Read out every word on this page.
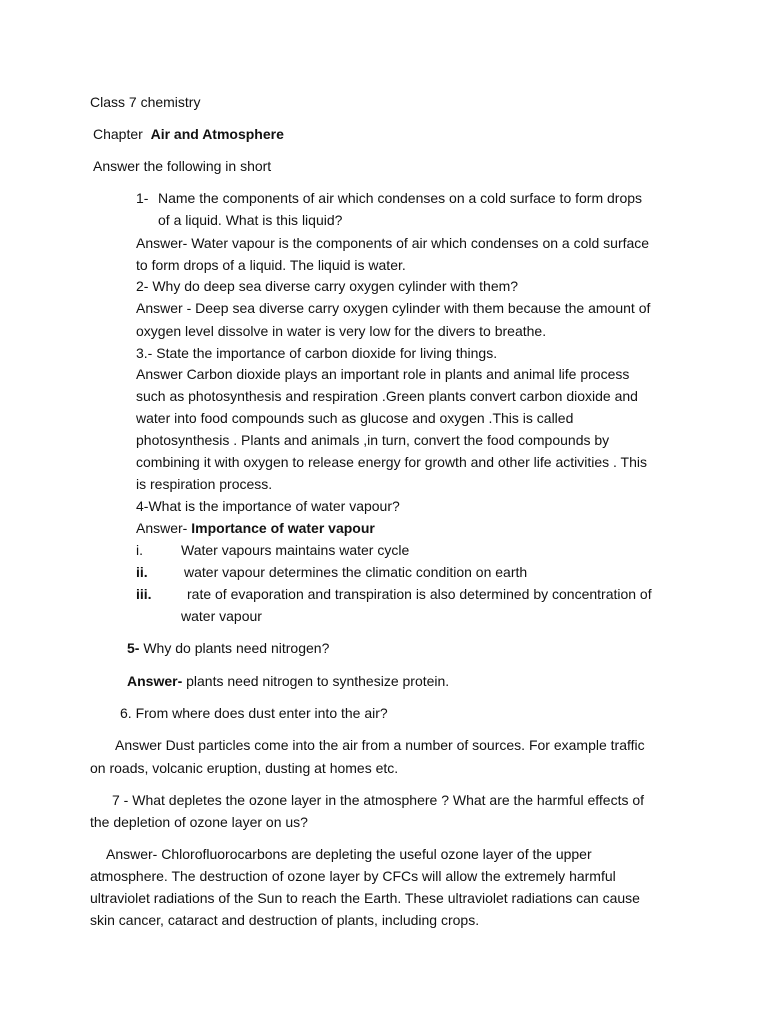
Class 7 chemistry
Chapter Air and Atmosphere
Answer the following in short
1- Name the components of air which condenses on a cold surface to form drops
of a liquid. What is this liquid?
Answer- Water vapour is the components of air which condenses on a cold surface
to form drops of a liquid. The liquid is water.
2- Why do deep sea diverse carry oxygen cylinder with them?
Answer - Deep sea diverse carry oxygen cylinder with them because the amount of
oxygen level dissolve in water is very low for the divers to breathe.
3.- State the importance of carbon dioxide for living things.
Answer Carbon dioxide plays an important role in plants and animal life process
such as photosynthesis and respiration .Green plants convert carbon dioxide and
water into food compounds such as glucose and oxygen .This is called
photosynthesis . Plants and animals ,in turn, convert the food compounds by
combining it with oxygen to release energy for growth and other life activities . This
is respiration process.
4-What is the importance of water vapour?
Answer- Importance of water vapour
i.	Water vapours maintains water cycle
ii.	water vapour determines the climatic condition on earth
iii.	rate of evaporation and transpiration is also determined by concentration of
water vapour
5- Why do plants need nitrogen?
Answer- plants need nitrogen to synthesize protein.
6. From where does dust enter into the air?
Answer Dust particles come into the air from a number of sources. For example traffic
on roads, volcanic eruption, dusting at homes etc.
7 - What depletes the ozone layer in the atmosphere ? What are the harmful effects of
the depletion of ozone layer on us?
Answer- Chlorofluorocarbons are depleting the useful ozone layer of the upper
atmosphere. The destruction of ozone layer by CFCs will allow the extremely harmful
ultraviolet radiations of the Sun to reach the Earth. These ultraviolet radiations can cause
skin cancer, cataract and destruction of plants, including crops.
